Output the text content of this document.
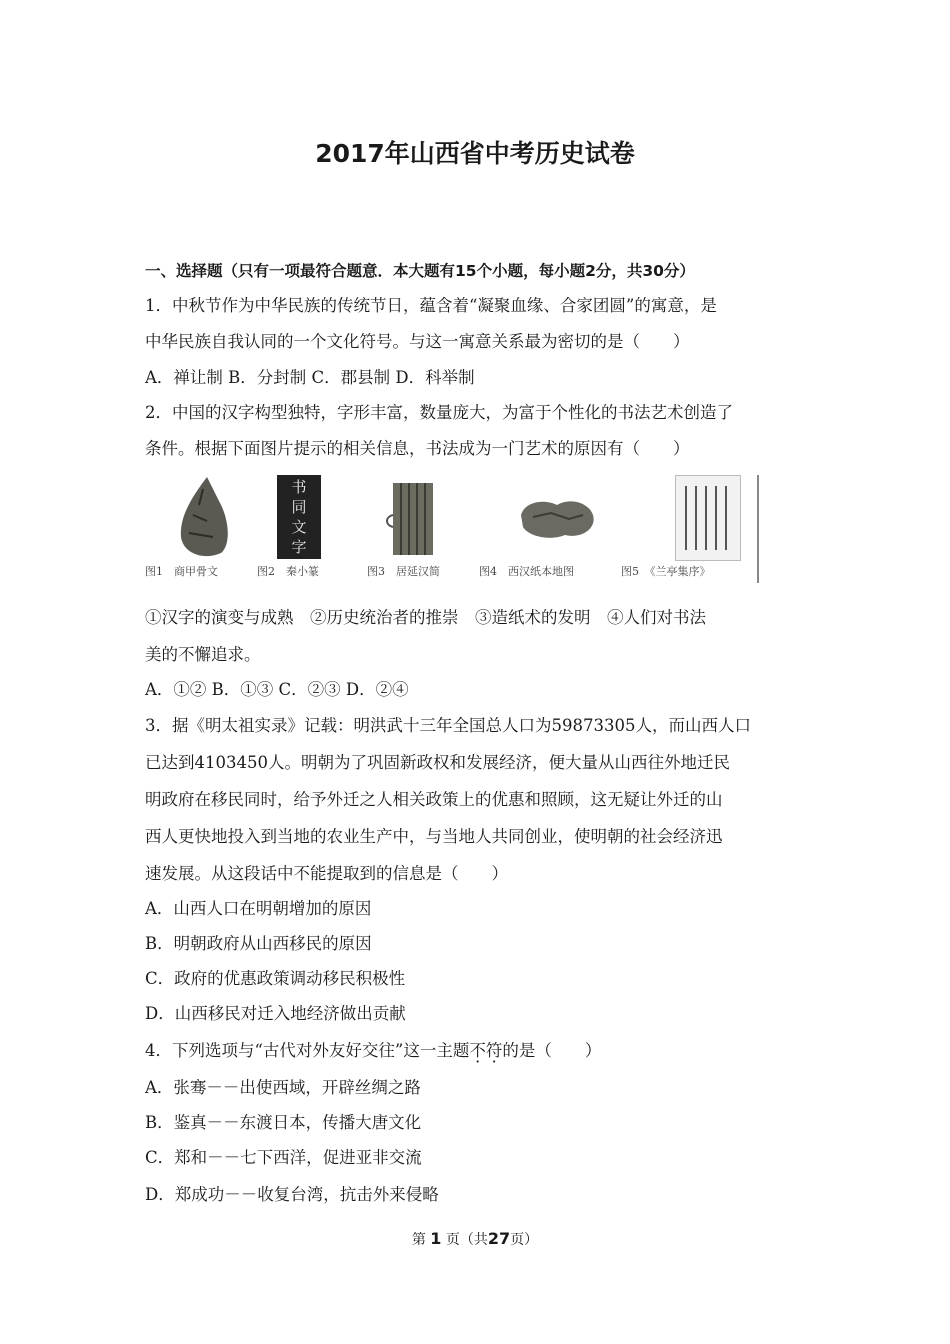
2017年山西省中考历史试卷
一、选择题（只有一项最符合题意．本大题有15个小题，每小题2分，共30分）
1．中秋节作为中华民族的传统节日，蕴含着“凝聚血缘、合家团圆”的寓意，是
中华民族自我认同的一个文化符号。与这一寓意关系最为密切的是（　　）
A．禅让制 B．分封制 C．郡县制 D．科举制
2．中国的汉字构型独特，字形丰富，数量庞大，为富于个性化的书法艺术创造了
条件。根据下面图片提示的相关信息，书法成为一门艺术的原因有（　　）
书同文字
图1　商甲骨文	图2　秦小篆	图3　居延汉简	图4　西汉纸本地图	图5　《兰亭集序》
①汉字的演变与成熟　②历史统治者的推崇　③造纸术的发明　④人们对书法
美的不懈追求。
A．①② B．①③ C．②③ D．②④
3．据《明太祖实录》记载：明洪武十三年全国总人口为59873305人，而山西人口
已达到4103450人。明朝为了巩固新政权和发展经济，便大量从山西往外地迁民
明政府在移民同时，给予外迁之人相关政策上的优惠和照顾，这无疑让外迁的山
西人更快地投入到当地的农业生产中，与当地人共同创业，使明朝的社会经济迅
速发展。从这段话中不能提取到的信息是（　　）
A．山西人口在明朝增加的原因
B．明朝政府从山西移民的原因
C．政府的优惠政策调动移民积极性
D．山西移民对迁入地经济做出贡献
4．下列选项与“古代对外友好交往”这一主题不符的是（　　）
A．张骞－－出使西域，开辟丝绸之路
B．鉴真－－东渡日本，传播大唐文化
C．郑和－－七下西洋，促进亚非交流
D．郑成功－－收复台湾，抗击外来侵略
第 1 页（共27页）
